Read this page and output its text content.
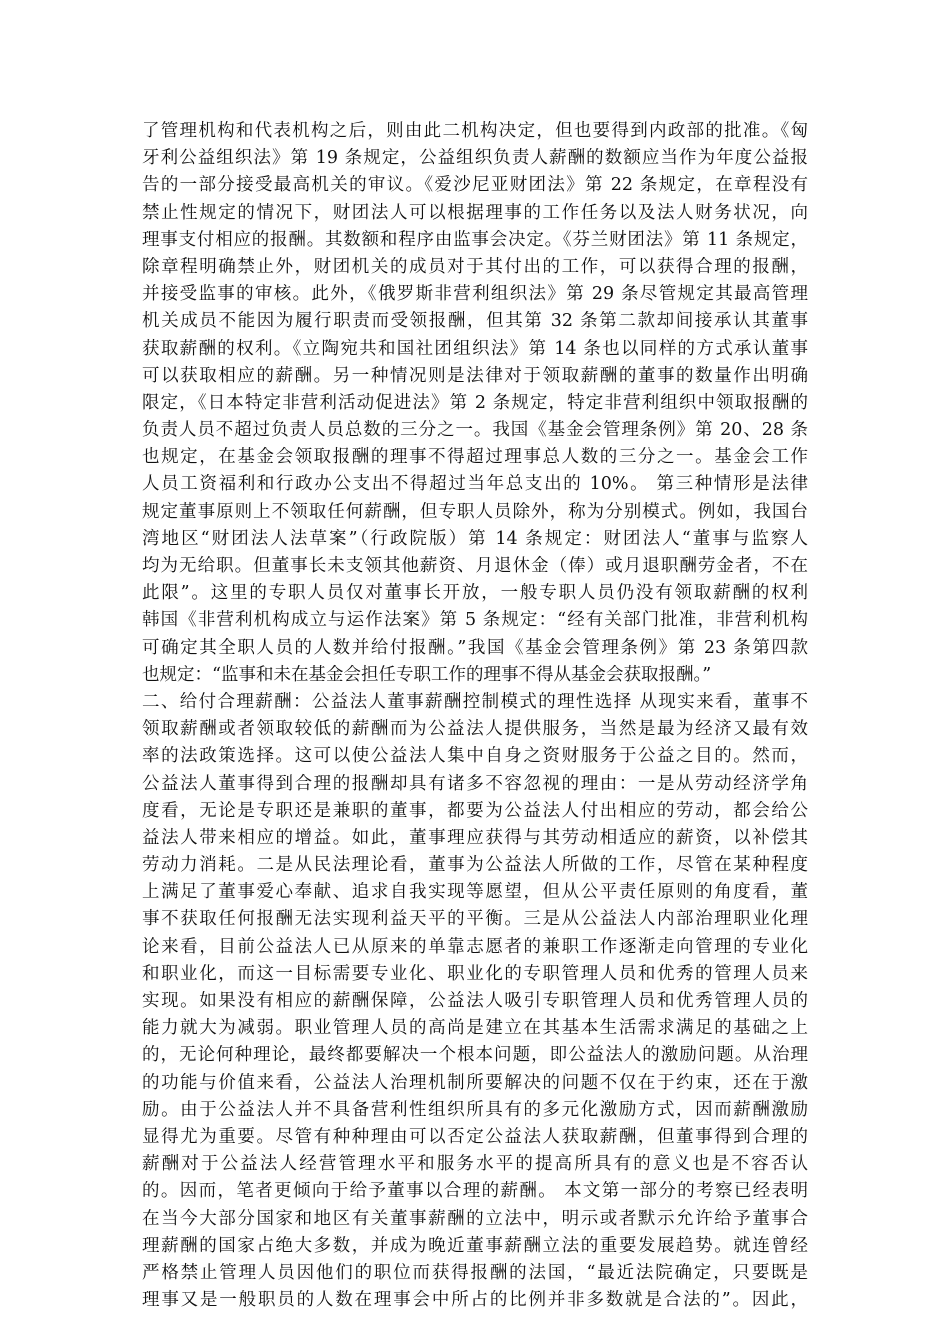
了管理机构和代表机构之后，则由此二机构决定，但也要得到内政部的批准。《匈
牙利公益组织法》第 19 条规定，公益组织负责人薪酬的数额应当作为年度公益报
告的一部分接受最高机关的审议。《爱沙尼亚财团法》第 22 条规定，在章程没有
禁止性规定的情况下，财团法人可以根据理事的工作任务以及法人财务状况，向
理事支付相应的报酬。其数额和程序由监事会决定。《芬兰财团法》第 11 条规定，
除章程明确禁止外，财团机关的成员对于其付出的工作，可以获得合理的报酬，
并接受监事的审核。此外，《俄罗斯非营利组织法》第 29 条尽管规定其最高管理
机关成员不能因为履行职责而受领报酬，但其第 32 条第二款却间接承认其董事
获取薪酬的权利。《立陶宛共和国社团组织法》第 14 条也以同样的方式承认董事
可以获取相应的薪酬。另一种情况则是法律对于领取薪酬的董事的数量作出明确
限定，《日本特定非营利活动促进法》第 2 条规定，特定非营利组织中领取报酬的
负责人员不超过负责人员总数的三分之一。我国《基金会管理条例》第 20、28 条
也规定，在基金会领取报酬的理事不得超过理事总人数的三分之一。基金会工作
人员工资福利和行政办公支出不得超过当年总支出的 10%。 第三种情形是法律
规定董事原则上不领取任何薪酬，但专职人员除外，称为分别模式。例如，我国台
湾地区“财团法人法草案”（行政院版）第 14 条规定：财团法人“董事与监察人
均为无给职。但董事长未支领其他薪资、月退休金（俸）或月退职酬劳金者，不在
此限”。这里的专职人员仅对董事长开放，一般专职人员仍没有领取薪酬的权利
韩国《非营利机构成立与运作法案》第 5 条规定：“经有关部门批准，非营利机构
可确定其全职人员的人数并给付报酬。”我国《基金会管理条例》第 23 条第四款
也规定：“监事和未在基金会担任专职工作的理事不得从基金会获取报酬。”
二、给付合理薪酬：公益法人董事薪酬控制模式的理性选择 从现实来看，董事不
领取薪酬或者领取较低的薪酬而为公益法人提供服务，当然是最为经济又最有效
率的法政策选择。这可以使公益法人集中自身之资财服务于公益之目的。然而，
公益法人董事得到合理的报酬却具有诸多不容忽视的理由：一是从劳动经济学角
度看，无论是专职还是兼职的董事，都要为公益法人付出相应的劳动，都会给公
益法人带来相应的增益。如此，董事理应获得与其劳动相适应的薪资，以补偿其
劳动力消耗。二是从民法理论看，董事为公益法人所做的工作，尽管在某种程度
上满足了董事爱心奉献、追求自我实现等愿望，但从公平责任原则的角度看，董
事不获取任何报酬无法实现利益天平的平衡。三是从公益法人内部治理职业化理
论来看，目前公益法人已从原来的单靠志愿者的兼职工作逐渐走向管理的专业化
和职业化，而这一目标需要专业化、职业化的专职管理人员和优秀的管理人员来
实现。如果没有相应的薪酬保障，公益法人吸引专职管理人员和优秀管理人员的
能力就大为减弱。职业管理人员的高尚是建立在其基本生活需求满足的基础之上
的，无论何种理论，最终都要解决一个根本问题，即公益法人的激励问题。从治理
的功能与价值来看，公益法人治理机制所要解决的问题不仅在于约束，还在于激
励。由于公益法人并不具备营利性组织所具有的多元化激励方式，因而薪酬激励
显得尤为重要。尽管有种种理由可以否定公益法人获取薪酬，但董事得到合理的
薪酬对于公益法人经营管理水平和服务水平的提高所具有的意义也是不容否认
的。因而，笔者更倾向于给予董事以合理的薪酬。 本文第一部分的考察已经表明
在当今大部分国家和地区有关董事薪酬的立法中，明示或者默示允许给予董事合
理薪酬的国家占绝大多数，并成为晚近董事薪酬立法的重要发展趋势。就连曾经
严格禁止管理人员因他们的职位而获得报酬的法国，“最近法院确定，只要既是
理事又是一般职员的人数在理事会中所占的比例并非多数就是合法的”。因此，
